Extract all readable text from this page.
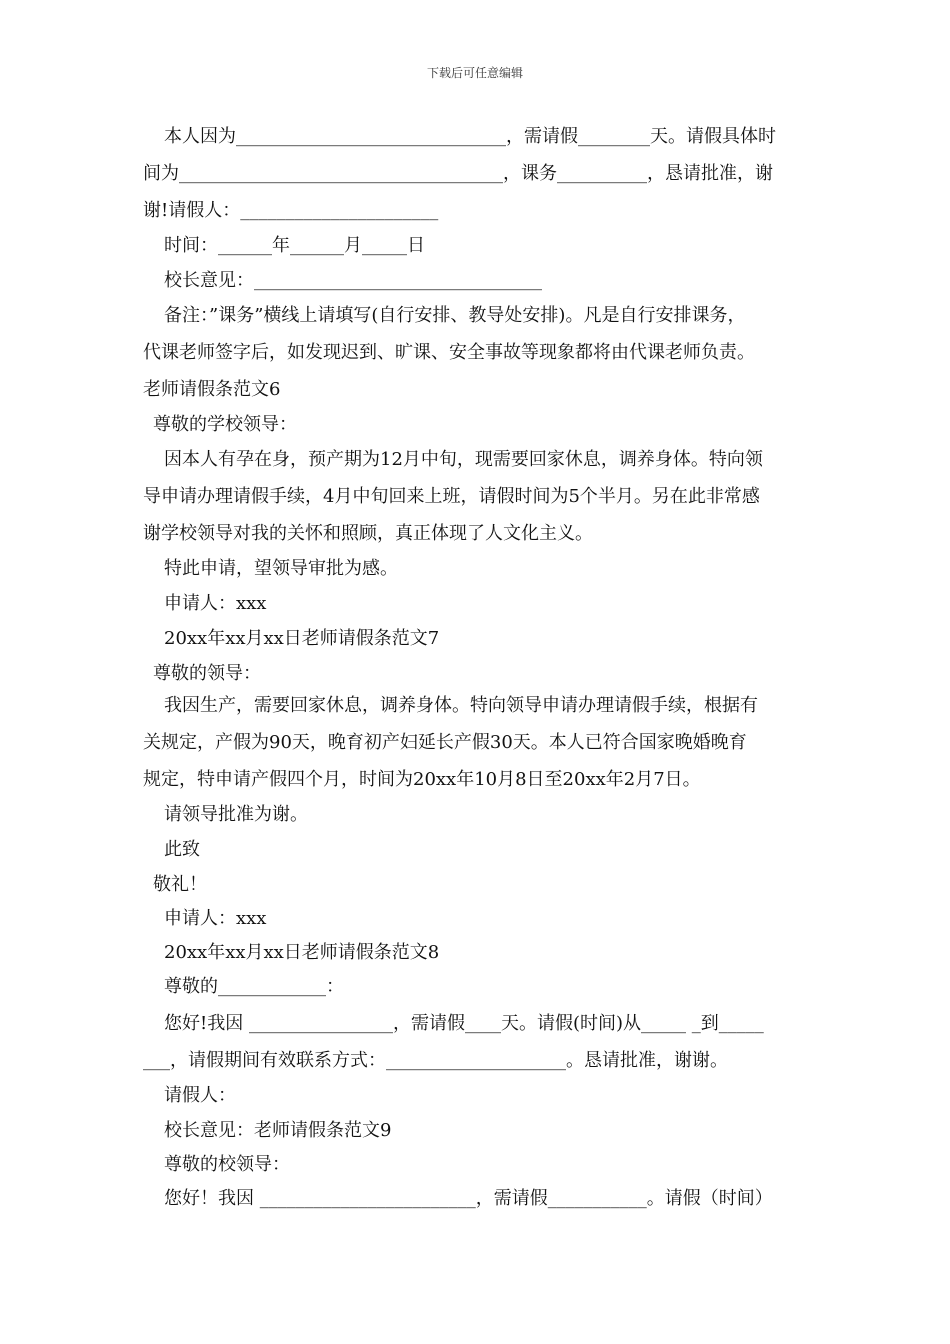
下载后可任意编辑
本人因为______________________________，需请假________天。请假具体时
间为____________________________________，课务__________，恳请批准，谢
谢!请假人：______________________
时间：______年______月_____日
校长意见：________________________________
备注：”课务”横线上请填写(自行安排、教导处安排)。凡是自行安排课务，
代课老师签字后，如发现迟到、旷课、安全事故等现象都将由代课老师负责。
老师请假条范文6
尊敬的学校领导：
因本人有孕在身，预产期为12月中旬，现需要回家休息，调养身体。特向领
导申请办理请假手续，4月中旬回来上班，请假时间为5个半月。另在此非常感
谢学校领导对我的关怀和照顾，真正体现了人文化主义。
特此申请，望领导审批为感。
申请人：xxx
20xx年xx月xx日老师请假条范文7
尊敬的领导：
我因生产，需要回家休息，调养身体。特向领导申请办理请假手续，根据有
关规定，产假为90天，晚育初产妇延长产假30天。本人已符合国家晚婚晚育
规定，特申请产假四个月，时间为20xx年10月8日至20xx年2月7日。
请领导批准为谢。
此致
敬礼！
申请人：xxx
20xx年xx月xx日老师请假条范文8
尊敬的____________：
您好!我因 ________________，需请假____天。请假(时间)从_____ _到_____
___，请假期间有效联系方式：____________________。恳请批准，谢谢。
请假人：
校长意见：老师请假条范文9
尊敬的校领导：
您好！我因 ________________________，需请假___________。请假（时间）
